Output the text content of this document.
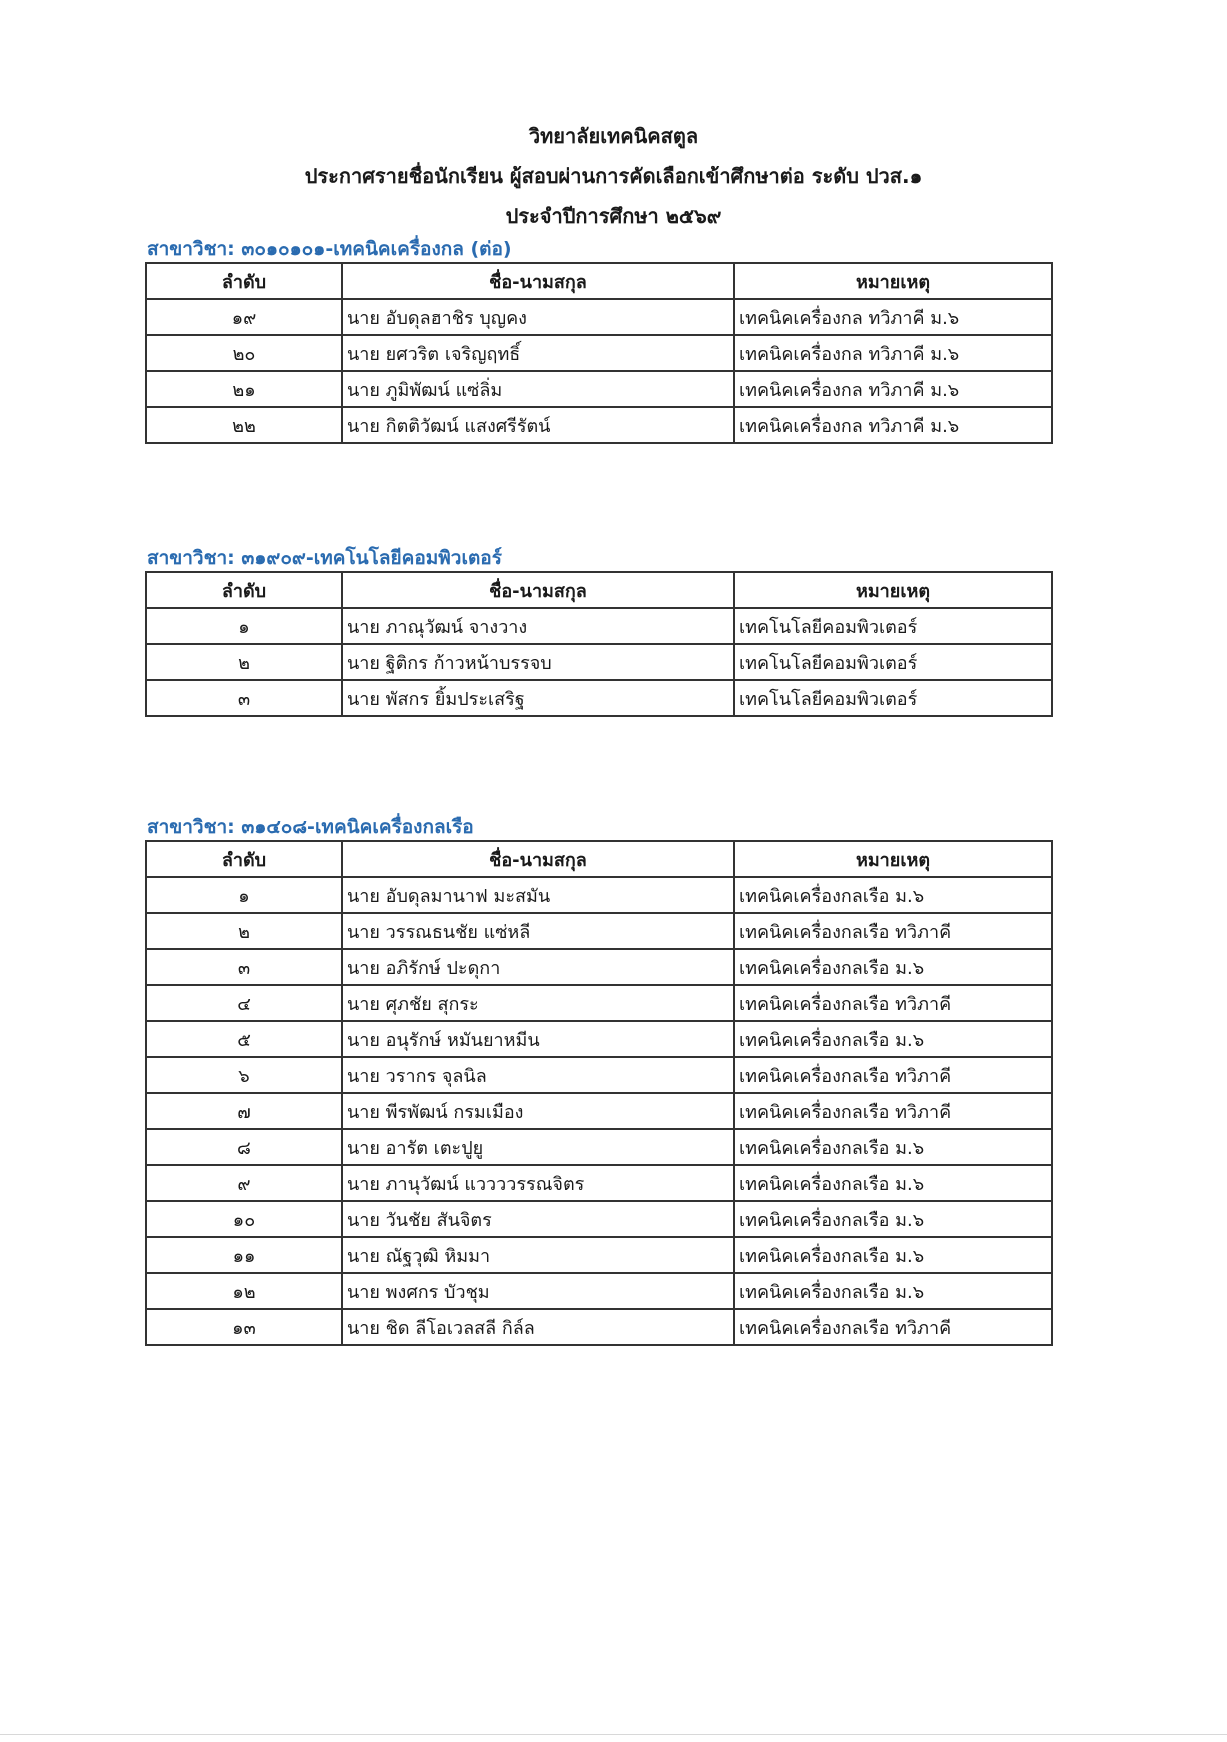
วิทยาลัยเทคนิคสตูล
ประกาศรายชื่อนักเรียน ผู้สอบผ่านการคัดเลือกเข้าศึกษาต่อ ระดับ ปวส.๑
ประจำปีการศึกษา ๒๕๖๙
สาขาวิชา: ๓๐๑๐๑๐๑-เทคนิคเครื่องกล (ต่อ)
ลำดับ	ชื่อ-นามสกุล	หมายเหตุ
๑๙	นาย อับดุลฮาชิร บุญคง	เทคนิคเครื่องกล ทวิภาคี ม.๖
๒๐	นาย ยศวริต เจริญฤทธิ์	เทคนิคเครื่องกล ทวิภาคี ม.๖
๒๑	นาย ภูมิพัฒน์ แซ่ลิ่ม	เทคนิคเครื่องกล ทวิภาคี ม.๖
๒๒	นาย กิตติวัฒน์ แสงศรีรัตน์	เทคนิคเครื่องกล ทวิภาคี ม.๖
สาขาวิชา: ๓๑๙๐๙-เทคโนโลยีคอมพิวเตอร์
ลำดับ	ชื่อ-นามสกุล	หมายเหตุ
๑	นาย ภาณุวัฒน์ จางวาง	เทคโนโลยีคอมพิวเตอร์
๒	นาย ฐิติกร ก้าวหน้าบรรจบ	เทคโนโลยีคอมพิวเตอร์
๓	นาย พัสกร ยิ้มประเสริฐ	เทคโนโลยีคอมพิวเตอร์
สาขาวิชา: ๓๑๔๐๘-เทคนิคเครื่องกลเรือ
ลำดับ	ชื่อ-นามสกุล	หมายเหตุ
๑	นาย อับดุลมานาฟ มะสมัน	เทคนิคเครื่องกลเรือ ม.๖
๒	นาย วรรณธนชัย แซ่หลี	เทคนิคเครื่องกลเรือ ทวิภาคี
๓	นาย อภิรักษ์ ปะดุกา	เทคนิคเครื่องกลเรือ ม.๖
๔	นาย ศุภชัย สุกระ	เทคนิคเครื่องกลเรือ ทวิภาคี
๕	นาย อนุรักษ์ หมันยาหมีน	เทคนิคเครื่องกลเรือ ม.๖
๖	นาย วรากร จุลนิล	เทคนิคเครื่องกลเรือ ทวิภาคี
๗	นาย พีรพัฒน์ กรมเมือง	เทคนิคเครื่องกลเรือ ทวิภาคี
๘	นาย อารัต เตะปูยู	เทคนิคเครื่องกลเรือ ม.๖
๙	นาย ภานุวัฒน์ แววววรรณจิตร	เทคนิคเครื่องกลเรือ ม.๖
๑๐	นาย วันชัย สันจิตร	เทคนิคเครื่องกลเรือ ม.๖
๑๑	นาย ณัฐวุฒิ หิมมา	เทคนิคเครื่องกลเรือ ม.๖
๑๒	นาย พงศกร บัวชุม	เทคนิคเครื่องกลเรือ ม.๖
๑๓	นาย ชิด ลีโอเวลสลี กิล์ล	เทคนิคเครื่องกลเรือ ทวิภาคี
